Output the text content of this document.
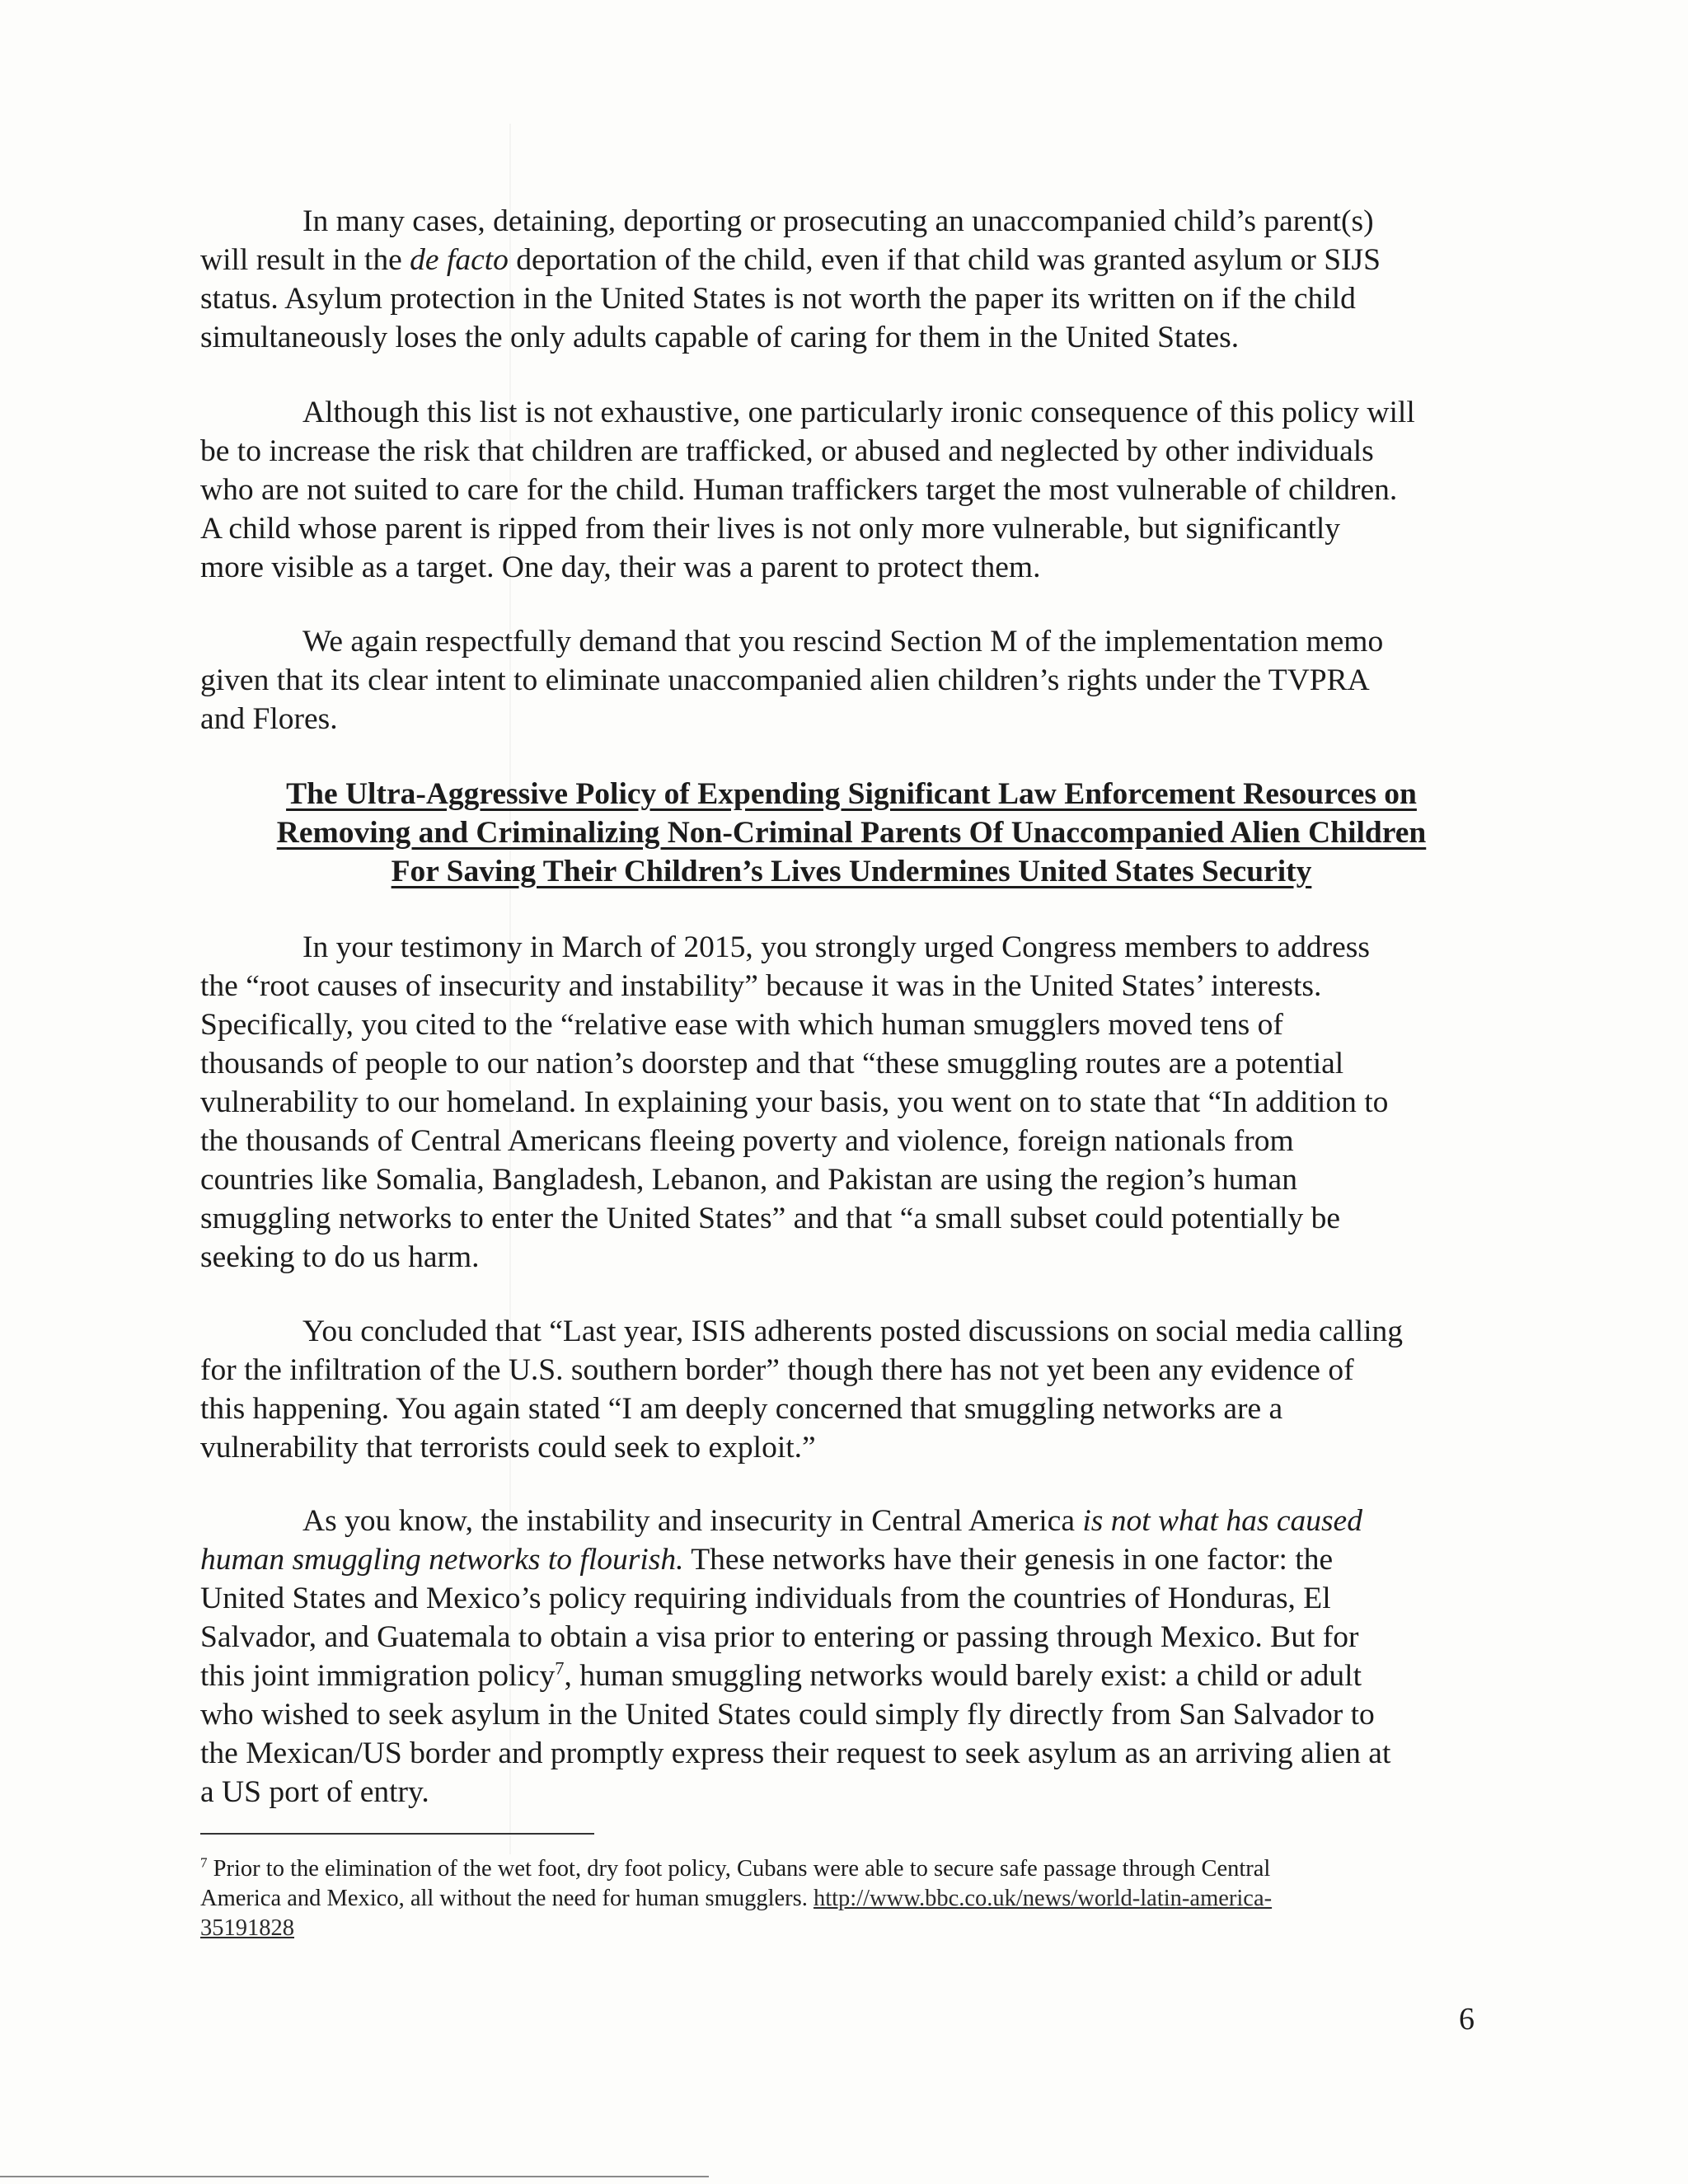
In many cases, detaining, deporting or prosecuting an unaccompanied child’s parent(s)
will result in the de facto deportation of the child, even if that child was granted asylum or SIJS
status. Asylum protection in the United States is not worth the paper its written on if the child
simultaneously loses the only adults capable of caring for them in the United States.
Although this list is not exhaustive, one particularly ironic consequence of this policy will
be to increase the risk that children are trafficked, or abused and neglected by other individuals
who are not suited to care for the child. Human traffickers target the most vulnerable of children.
A child whose parent is ripped from their lives is not only more vulnerable, but significantly
more visible as a target. One day, their was a parent to protect them.
We again respectfully demand that you rescind Section M of the implementation memo
given that its clear intent to eliminate unaccompanied alien children’s rights under the TVPRA
and Flores.
The Ultra-Aggressive Policy of Expending Significant Law Enforcement Resources on
Removing and Criminalizing Non-Criminal Parents Of Unaccompanied Alien Children
For Saving Their Children’s Lives Undermines United States Security
In your testimony in March of 2015, you strongly urged Congress members to address
the “root causes of insecurity and instability” because it was in the United States’ interests.
Specifically, you cited to the “relative ease with which human smugglers moved tens of
thousands of people to our nation’s doorstep and that “these smuggling routes are a potential
vulnerability to our homeland. In explaining your basis, you went on to state that “In addition to
the thousands of Central Americans fleeing poverty and violence, foreign nationals from
countries like Somalia, Bangladesh, Lebanon, and Pakistan are using the region’s human
smuggling networks to enter the United States” and that “a small subset could potentially be
seeking to do us harm.
You concluded that “Last year, ISIS adherents posted discussions on social media calling
for the infiltration of the U.S. southern border” though there has not yet been any evidence of
this happening. You again stated “I am deeply concerned that smuggling networks are a
vulnerability that terrorists could seek to exploit.”
As you know, the instability and insecurity in Central America is not what has caused
human smuggling networks to flourish. These networks have their genesis in one factor: the
United States and Mexico’s policy requiring individuals from the countries of Honduras, El
Salvador, and Guatemala to obtain a visa prior to entering or passing through Mexico. But for
this joint immigration policy$^7$, human smuggling networks would barely exist: a child or adult
who wished to seek asylum in the United States could simply fly directly from San Salvador to
the Mexican/US border and promptly express their request to seek asylum as an arriving alien at
a US port of entry.
$^7$ Prior to the elimination of the wet foot, dry foot policy, Cubans were able to secure safe passage through Central
America and Mexico, all without the need for human smugglers. http://www.bbc.co.uk/news/world-latin-america-
35191828
6
